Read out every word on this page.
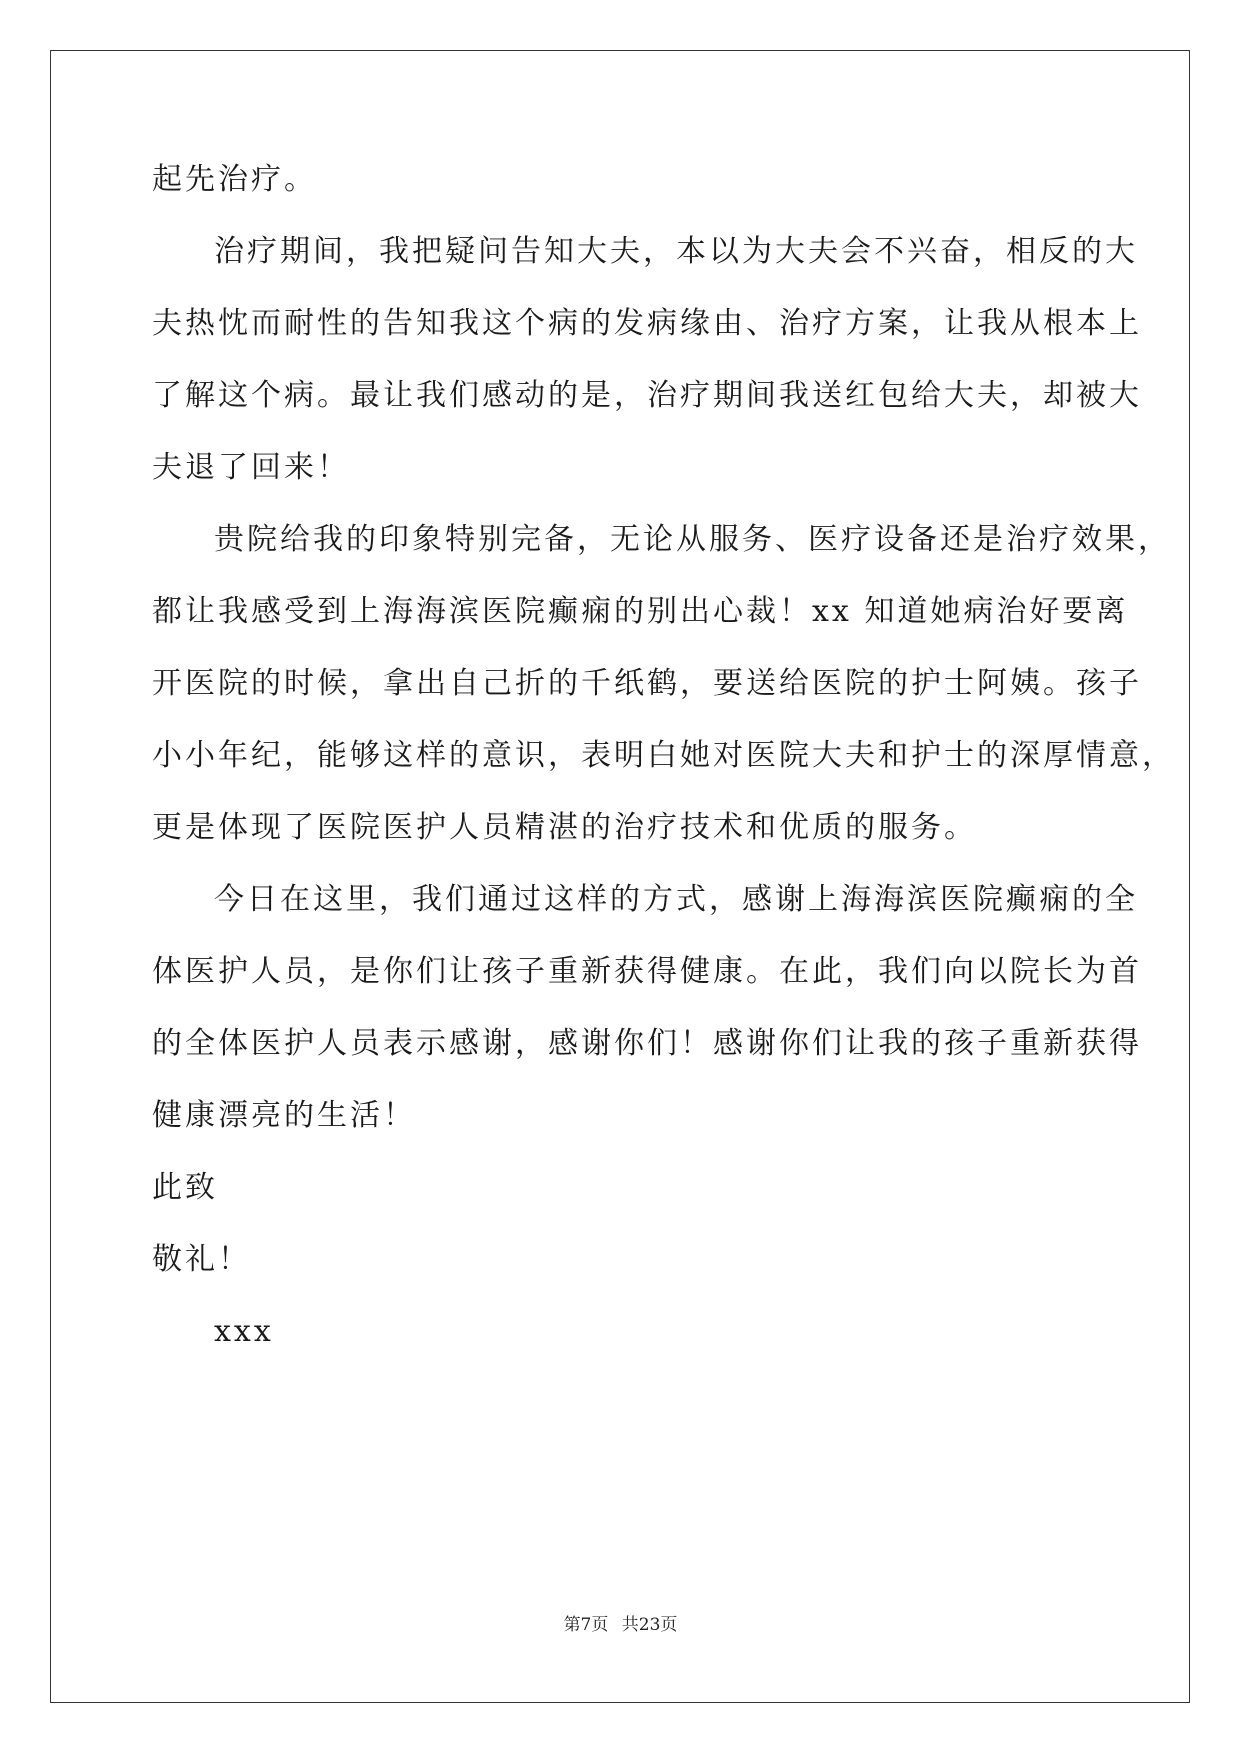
起先治疗。
治疗期间，我把疑问告知大夫，本以为大夫会不兴奋，相反的大
夫热忱而耐性的告知我这个病的发病缘由、治疗方案，让我从根本上
了解这个病。最让我们感动的是，治疗期间我送红包给大夫，却被大
夫退了回来！
贵院给我的印象特别完备，无论从服务、医疗设备还是治疗效果，
都让我感受到上海海滨医院癫痫的别出心裁！xx 知道她病治好要离
开医院的时候，拿出自己折的千纸鹤，要送给医院的护士阿姨。孩子
小小年纪，能够这样的意识，表明白她对医院大夫和护士的深厚情意，
更是体现了医院医护人员精湛的治疗技术和优质的服务。
今日在这里，我们通过这样的方式，感谢上海海滨医院癫痫的全
体医护人员，是你们让孩子重新获得健康。在此，我们向以院长为首
的全体医护人员表示感谢，感谢你们！感谢你们让我的孩子重新获得
健康漂亮的生活！
此致
敬礼！
xxx
第7页 共23页
